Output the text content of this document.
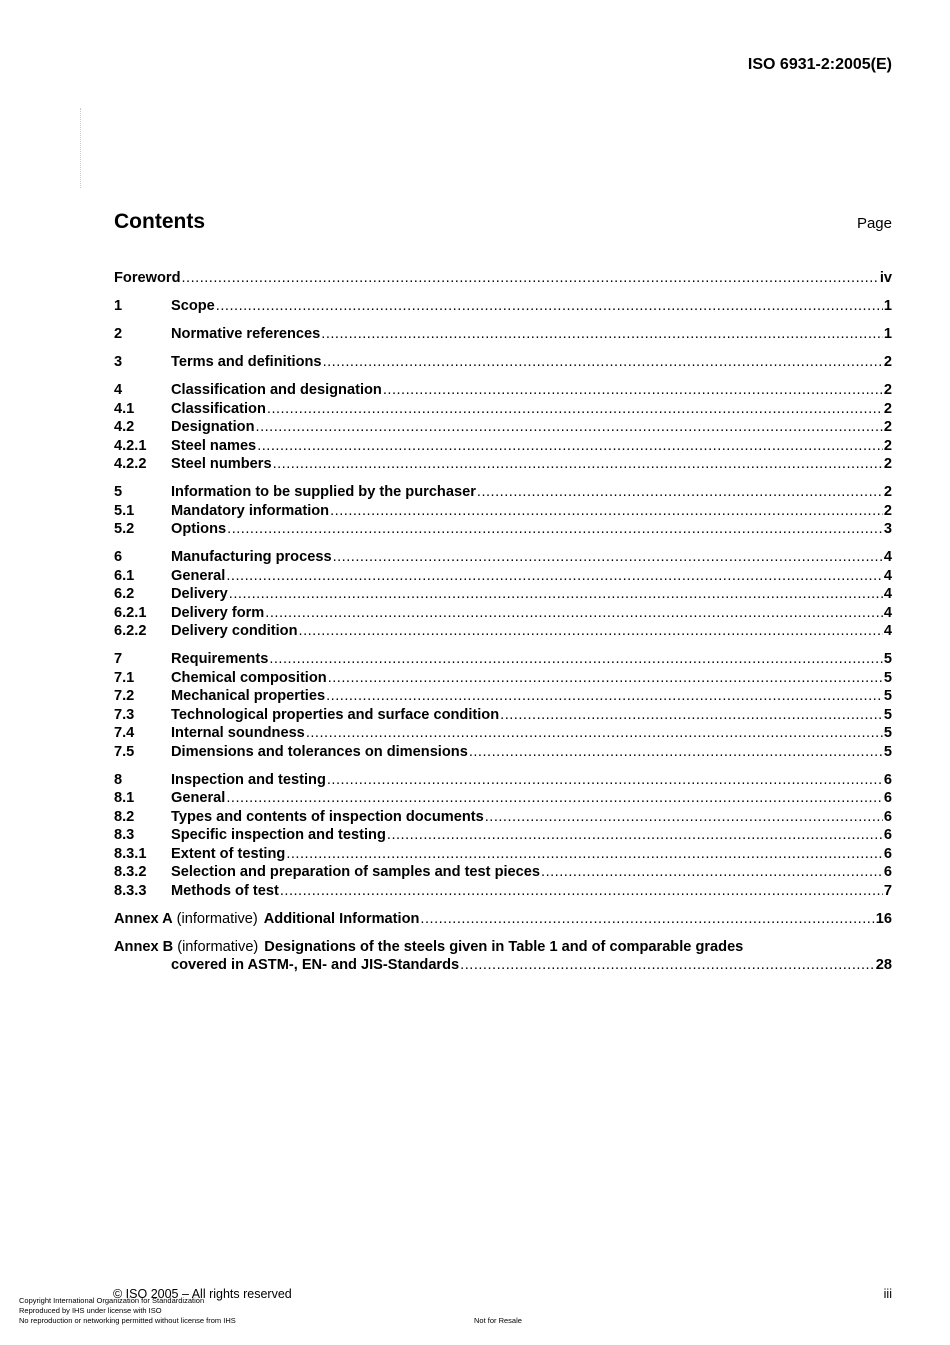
ISO 6931-2:2005(E)
Contents	Page
Foreword .....	iv
1	Scope .....	1
2	Normative references .....	1
3	Terms and definitions .....	2
4	Classification and designation .....	2
4.1	Classification .....	2
4.2	Designation .....	2
4.2.1	Steel names .....	2
4.2.2	Steel numbers .....	2
5	Information to be supplied by the purchaser .....	2
5.1	Mandatory information .....	2
5.2	Options .....	3
6	Manufacturing process .....	4
6.1	General .....	4
6.2	Delivery .....	4
6.2.1	Delivery form .....	4
6.2.2	Delivery condition .....	4
7	Requirements .....	5
7.1	Chemical composition .....	5
7.2	Mechanical properties .....	5
7.3	Technological properties and surface condition .....	5
7.4	Internal soundness .....	5
7.5	Dimensions and tolerances on dimensions .....	5
8	Inspection and testing .....	6
8.1	General .....	6
8.2	Types and contents of inspection documents .....	6
8.3	Specific inspection and testing .....	6
8.3.1	Extent of testing .....	6
8.3.2	Selection and preparation of samples and test pieces .....	6
8.3.3	Methods of test .....	7
Annex A (informative) Additional Information .....	16
Annex B (informative) Designations of the steels given in Table 1 and of comparable grades
covered in ASTM-, EN- and JIS-Standards .....	28
© ISO 2005 – All rights reserved	iii
Copyright International Organization for Standardization
Reproduced by IHS under license with ISO
No reproduction or networking permitted without license from IHS	Not for Resale
